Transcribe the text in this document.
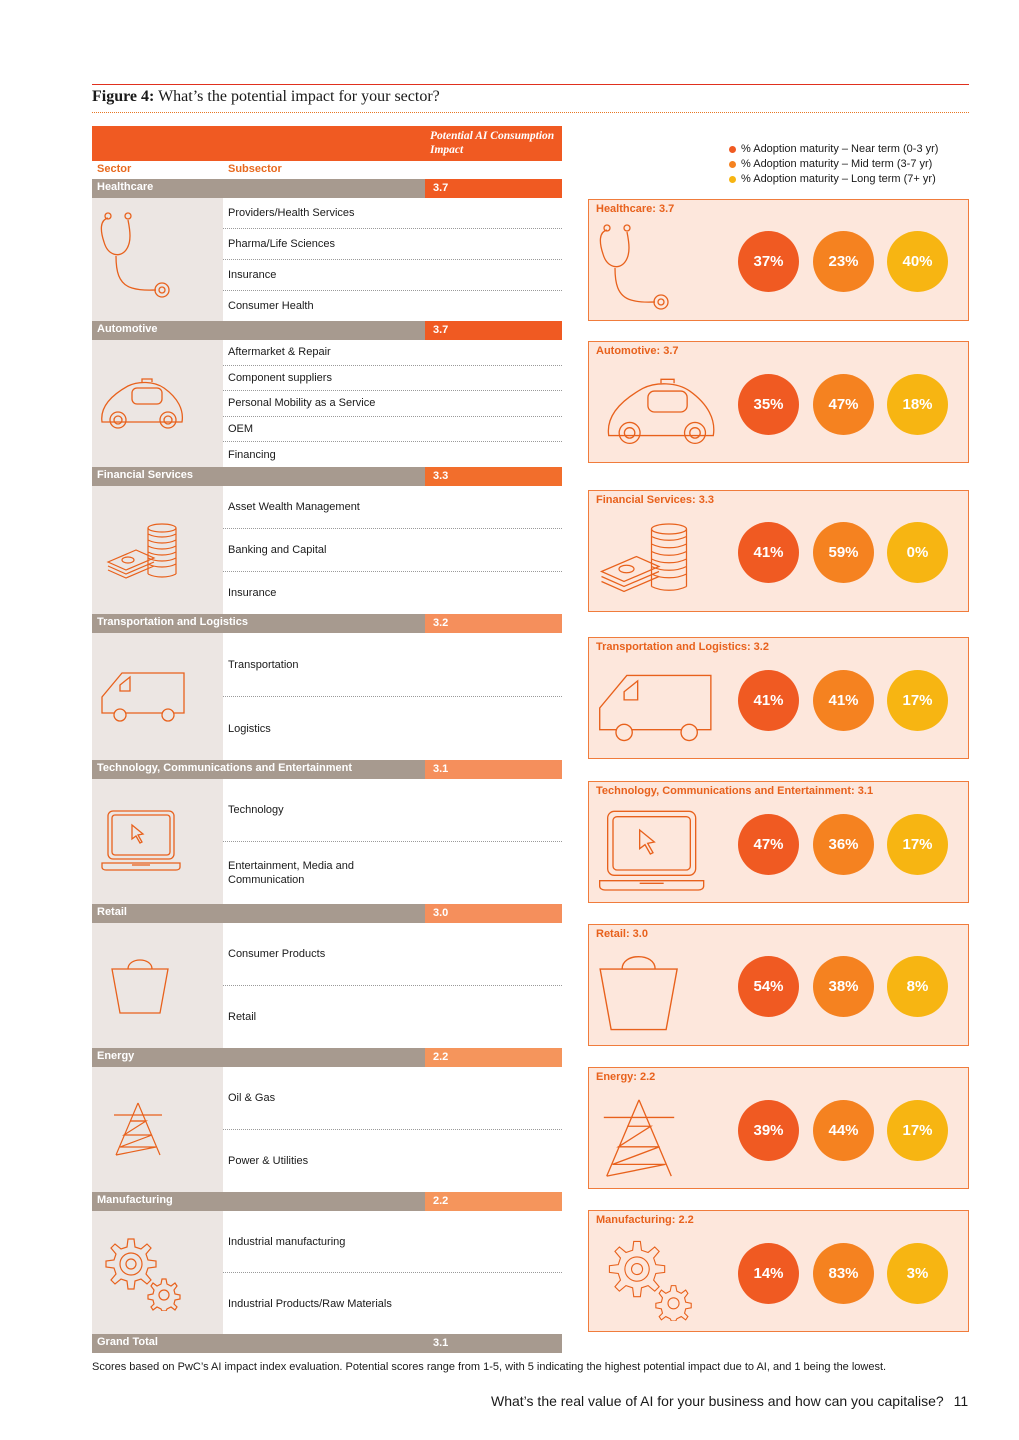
Figure 4: What’s the potential impact for your sector?
Potential AI Consumption Impact
Sector	Subsector
Healthcare	3.7
Providers/Health Services
Pharma/Life Sciences
Insurance
Consumer Health
Automotive	3.7
Aftermarket & Repair
Component suppliers
Personal Mobility as a Service
OEM
Financing
Financial Services	3.3
Asset Wealth Management
Banking and Capital
Insurance
Transportation and Logistics	3.2
Transportation
Logistics
Technology, Communications and Entertainment	3.1
Technology
Entertainment, Media and Communication
Retail	3.0
Consumer Products
Retail
Energy	2.2
Oil & Gas
Power & Utilities
Manufacturing	2.2
Industrial manufacturing
Industrial Products/Raw Materials
Grand Total	3.1
% Adoption maturity – Near term (0-3 yr)
% Adoption maturity – Mid term (3-7 yr)
% Adoption maturity – Long term (7+ yr)
Healthcare: 3.7
37%	23%	40%
Automotive: 3.7
35%	47%	18%
Financial Services: 3.3
41%	59%	0%
Transportation and Logistics: 3.2
41%	41%	17%
Technology, Communications and Entertainment: 3.1
47%	36%	17%
Retail: 3.0
54%	38%	8%
Energy: 2.2
39%	44%	17%
Manufacturing: 2.2
14%	83%	3%
Scores based on PwC’s AI impact index evaluation. Potential scores range from 1-5, with 5 indicating the highest potential impact due to AI, and 1 being the lowest.
What’s the real value of AI for your business and how can you capitalise? 11
